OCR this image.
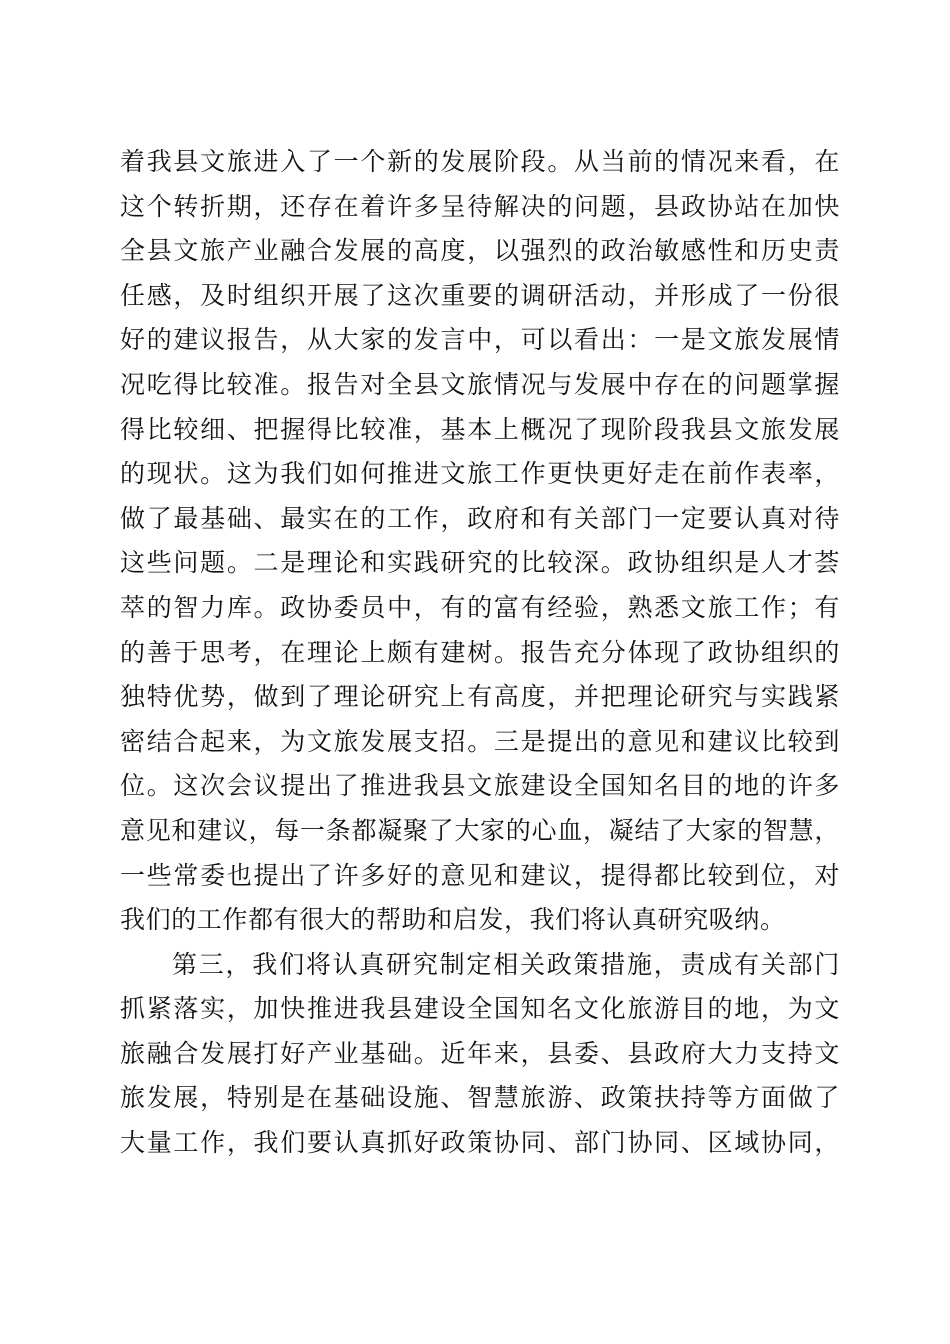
着我县文旅进入了一个新的发展阶段。从当前的情况来看，在
这个转折期，还存在着许多呈待解决的问题，县政协站在加快
全县文旅产业融合发展的高度，以强烈的政治敏感性和历史责
任感，及时组织开展了这次重要的调研活动，并形成了一份很
好的建议报告，从大家的发言中，可以看出：一是文旅发展情
况吃得比较准。报告对全县文旅情况与发展中存在的问题掌握
得比较细、把握得比较准，基本上概况了现阶段我县文旅发展
的现状。这为我们如何推进文旅工作更快更好走在前作表率，
做了最基础、最实在的工作，政府和有关部门一定要认真对待
这些问题。二是理论和实践研究的比较深。政协组织是人才荟
萃的智力库。政协委员中，有的富有经验，熟悉文旅工作；有
的善于思考，在理论上颇有建树。报告充分体现了政协组织的
独特优势，做到了理论研究上有高度，并把理论研究与实践紧
密结合起来，为文旅发展支招。三是提出的意见和建议比较到
位。这次会议提出了推进我县文旅建设全国知名目的地的许多
意见和建议，每一条都凝聚了大家的心血，凝结了大家的智慧，
一些常委也提出了许多好的意见和建议，提得都比较到位，对
我们的工作都有很大的帮助和启发，我们将认真研究吸纳。
第三，我们将认真研究制定相关政策措施，责成有关部门
抓紧落实，加快推进我县建设全国知名文化旅游目的地，为文
旅融合发展打好产业基础。近年来，县委、县政府大力支持文
旅发展，特别是在基础设施、智慧旅游、政策扶持等方面做了
大量工作，我们要认真抓好政策协同、部门协同、区域协同，
